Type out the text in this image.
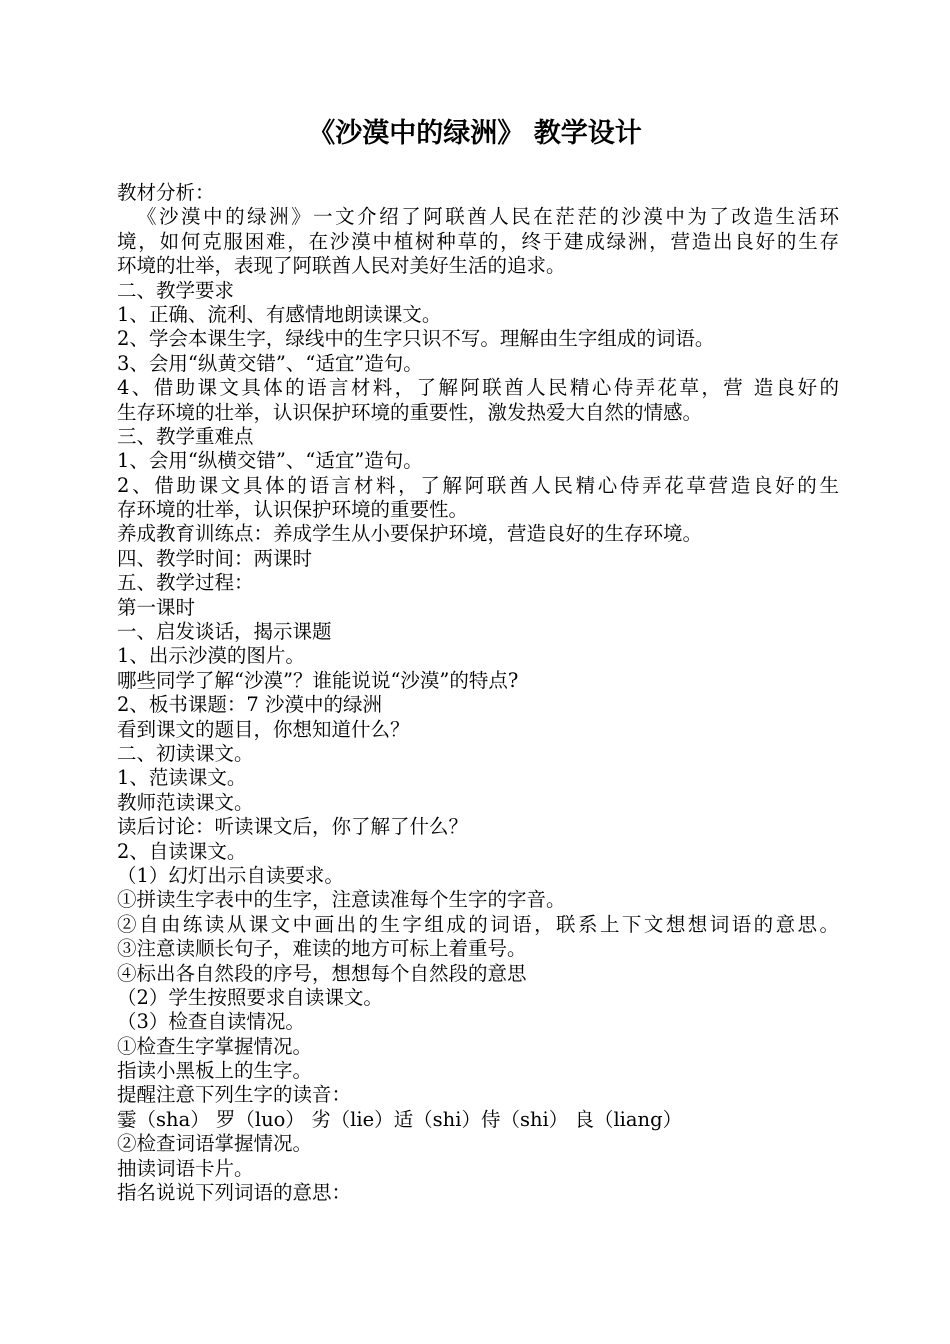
《沙漠中的绿洲》 教学设计
教材分析：
《沙漠中的绿洲》一文介绍了阿联酋人民在茫茫的沙漠中为了改造生活环
境，如何克服困难，在沙漠中植树种草的，终于建成绿洲，营造出良好的生存
环境的壮举，表现了阿联酋人民对美好生活的追求。
二、教学要求
1、正确、流利、有感情地朗读课文。
2、学会本课生字，绿线中的生字只识不写。理解由生字组成的词语。
3、会用“纵黄交错”、“适宜”造句。
4、借助课文具体的语言材料，了解阿联酋人民精心侍弄花草，营 造良好的
生存环境的壮举，认识保护环境的重要性，激发热爱大自然的情感。
三、教学重难点
1、会用“纵横交错”、“适宜”造句。
2、借助课文具体的语言材料，了解阿联酋人民精心侍弄花草营造良好的生
存环境的壮举，认识保护环境的重要性。
养成教育训练点：养成学生从小要保护环境，营造良好的生存环境。
四、教学时间：两课时
五、教学过程：
第一课时
一、启发谈话，揭示课题
1、出示沙漠的图片。
哪些同学了解“沙漠”？谁能说说“沙漠”的特点?
2、板书课题：7 沙漠中的绿洲
看到课文的题目，你想知道什么？
二、初读课文。
1、范读课文。
教师范读课文。
读后讨论：听读课文后，你了解了什么？
2、自读课文。
（1）幻灯出示自读要求。
①拼读生字表中的生字，注意读准每个生字的字音。
②自由练读从课文中画出的生字组成的词语，联系上下文想想词语的意思。
③注意读顺长句子，难读的地方可标上着重号。
④标出各自然段的序号，想想每个自然段的意思
（2）学生按照要求自读课文。
（3）检查自读情况。
①检查生字掌握情况。
指读小黑板上的生字。
提醒注意下列生字的读音：
霎（sha） 罗（luo） 劣（lie）适（shi）侍（shi） 良（liang）
②检查词语掌握情况。
抽读词语卡片。
指名说说下列词语的意思：
